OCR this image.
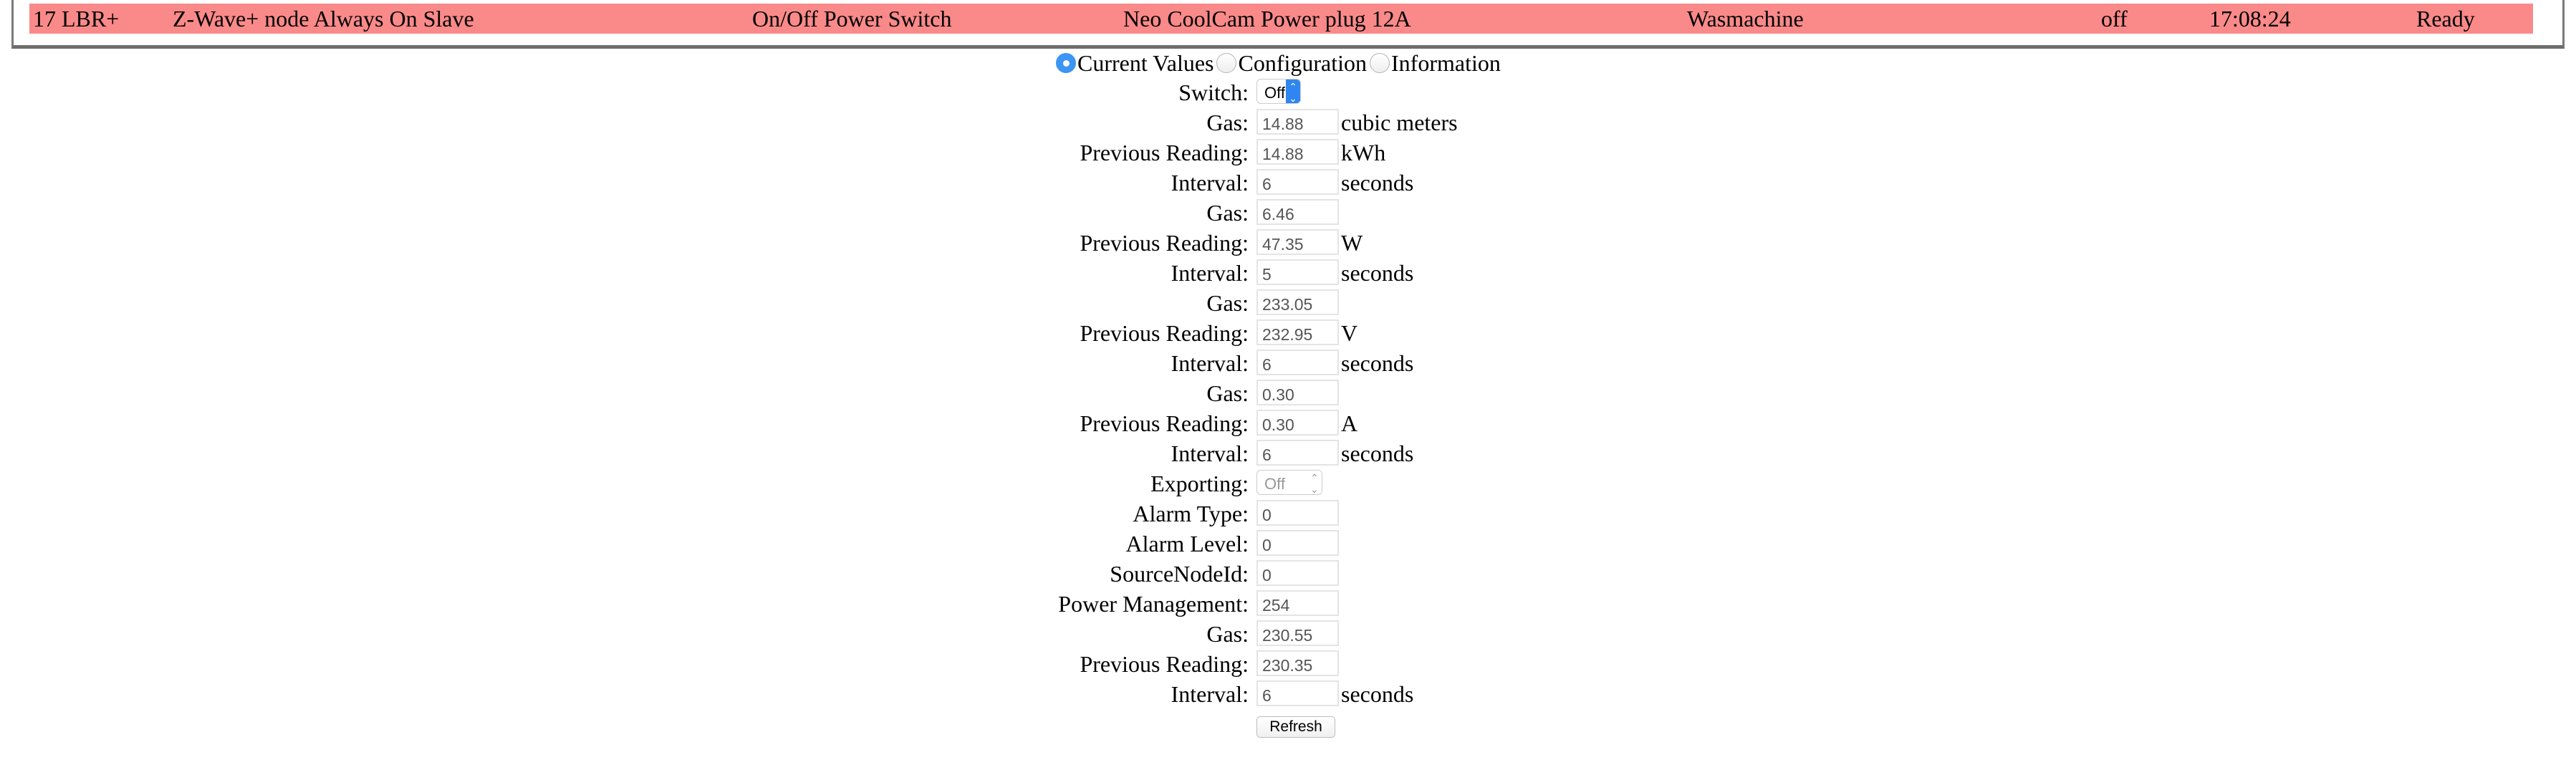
17 LBR+ Z-Wave+ node Always On Slave	On/Off Power Switch	Neo CoolCam Power plug 12A	Wasmachine	off	17:08:24	Ready
Current Values Configuration Information
Switch:	Off ⌃
⌄
Gas: 14.88	cubic meters
Previous Reading: 14.88	kWh
Interval: 6	seconds
Gas: 6.46
Previous Reading: 47.35	W
Interval: 5	seconds
Gas: 233.05
Previous Reading: 232.95	V
Interval: 6	seconds
Gas: 0.30
Previous Reading: 0.30	A
Interval: 6	seconds
Exporting:	Off	⌃
⌄
Alarm Type: 0
Alarm Level: 0
SourceNodeId: 0
Power Management: 254
Gas: 230.55
Previous Reading: 230.35
Interval: 6	seconds
Refresh
